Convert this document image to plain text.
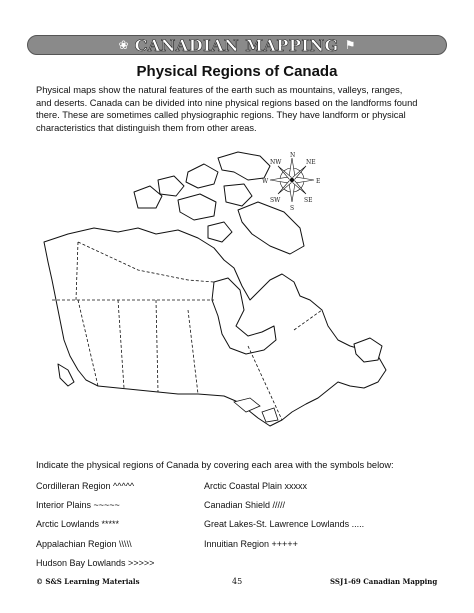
❀ CANADIAN MAPPING ⚑
Physical Regions of Canada
Physical maps show the natural features of the earth such as mountains, valleys, ranges,
and deserts. Canada can be divided into nine physical regions based on the landforms found
there. These are sometimes called physiographic regions. They have landform or physical
characteristics that distinguish them from other areas.
N
NE
NW
E
W
S
SE
SW
Indicate the physical regions of Canada by covering each area with the symbols below:
Cordilleran Region ^^^^^
Interior Plains ~~~~~
Arctic Lowlands *****
Appalachian Region \\\\\
Hudson Bay Lowlands >>>>>
Arctic Coastal Plain xxxxx
Canadian Shield /////
Great Lakes-St. Lawrence Lowlands .....
Innuitian Region +++++
© S&S Learning Materials	45	SSJ1-69 Canadian Mapping
